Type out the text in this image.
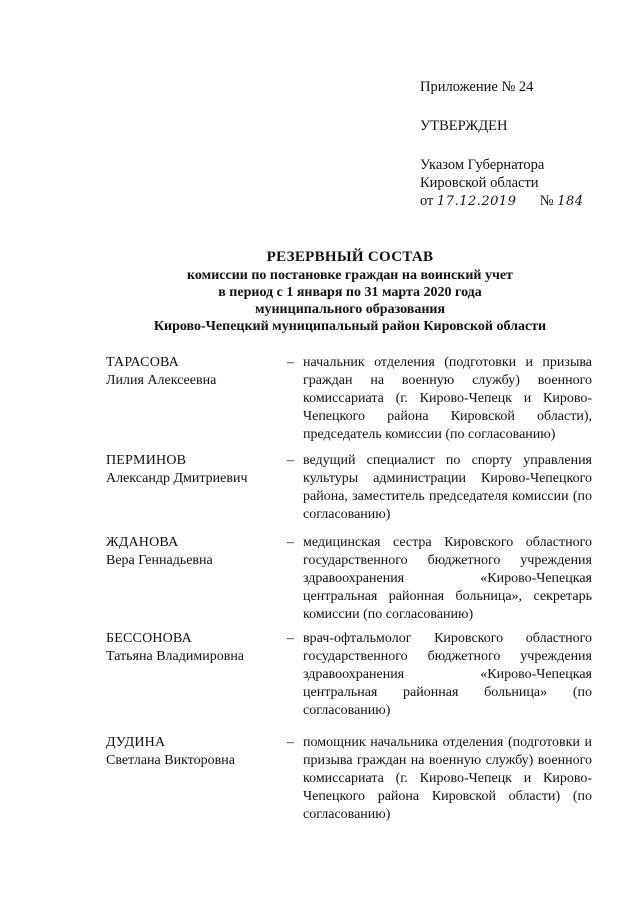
Приложение № 24
УТВЕРЖДЕН
Указом Губернатора
Кировской области
от 17.12.2019 № 184
РЕЗЕРВНЫЙ СОСТАВ
комиссии по постановке граждан на воинский учет
в период с 1 января по 31 марта 2020 года
муниципального образования
Кирово-Чепецкий муниципальный район Кировской области
ТАРАСОВА
Лилия Алексеевна
– начальник отделения (подготовки и призыва граждан на военную службу) военного комиссариата (г. Кирово-Чепецк и Кирово-Чепецкого района Кировской области), председатель комиссии (по согласованию)
ПЕРМИНОВ
Александр Дмитриевич
– ведущий специалист по спорту управления культуры администрации Кирово-Чепецкого района, заместитель председателя комиссии (по согласованию)
ЖДАНОВА
Вера Геннадьевна
– медицинская сестра Кировского областного государственного бюджетного учреждения здравоохранения «Кирово-Чепецкая центральная районная больница», секретарь комиссии (по согласованию)
БЕССОНОВА
Татьяна Владимировна
– врач-офтальмолог Кировского областного государственного бюджетного учреждения здравоохранения «Кирово-Чепецкая центральная районная больница» (по согласованию)
ДУДИНА
Светлана Викторовна
– помощник начальника отделения (подготовки и призыва граждан на военную службу) военного комиссариата (г. Кирово-Чепецк и Кирово-Чепецкого района Кировской области) (по согласованию)
